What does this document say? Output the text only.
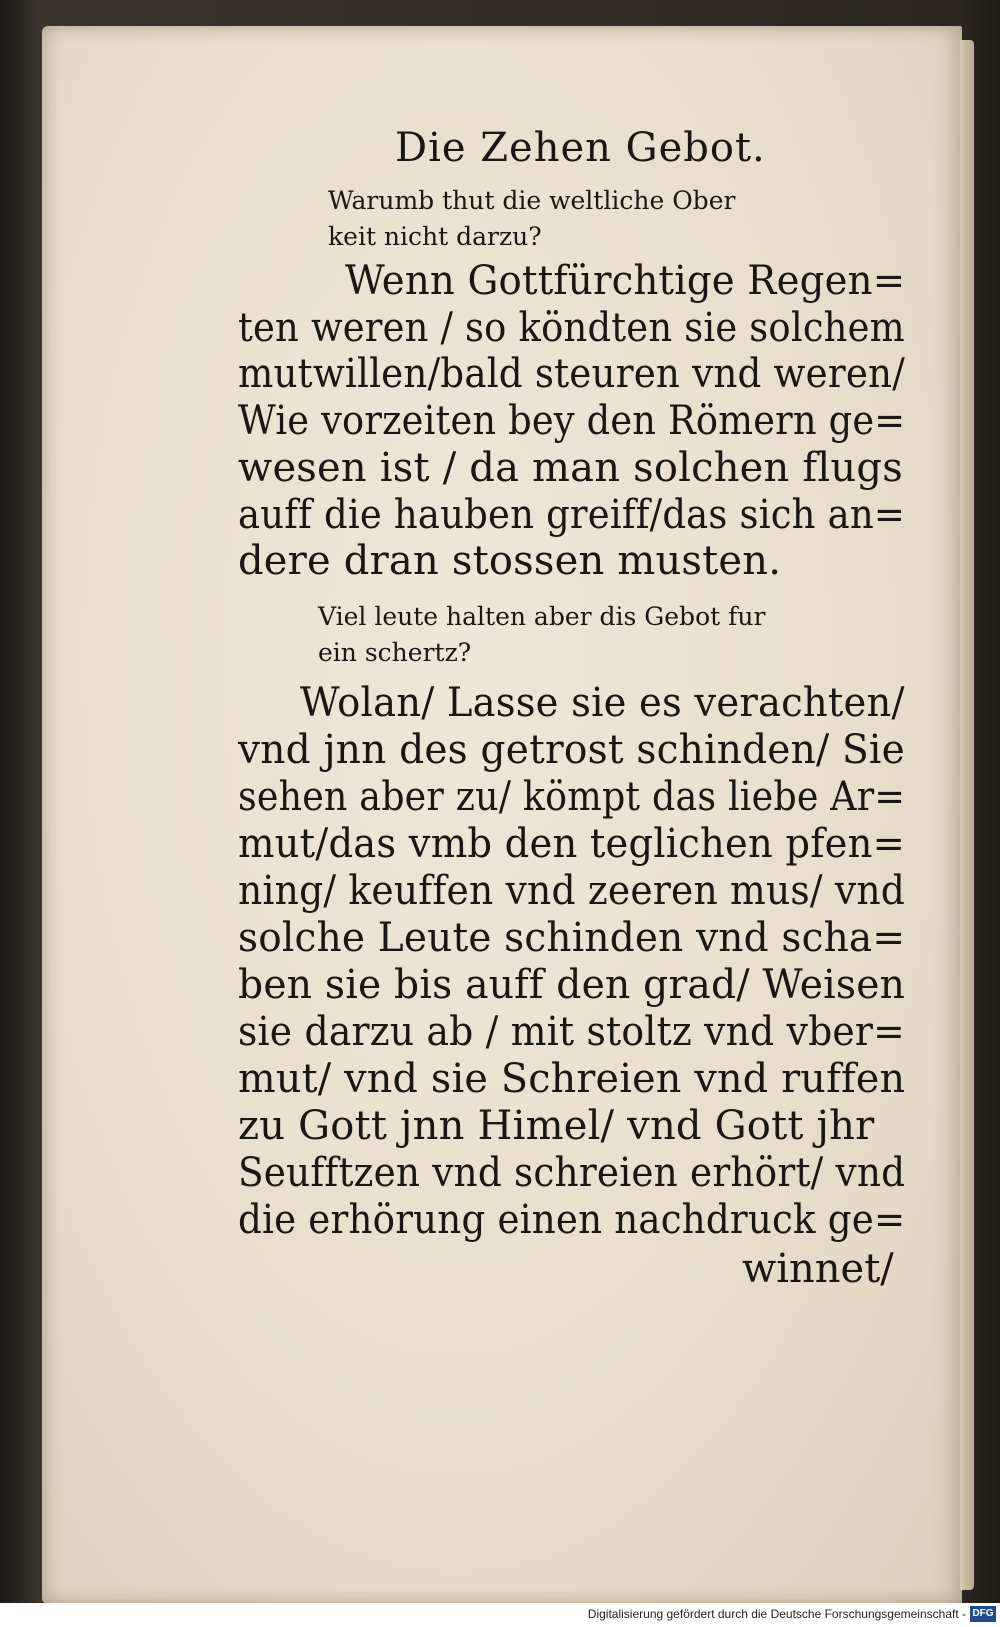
Die Zehen Gebot.
Warumb thut die weltliche Ober
keit nicht darzu?
Wenn Gottfürchtige Regen=
ten weren / so köndten sie solchem
mutwillen/bald steuren vnd weren/
Wie vorzeiten bey den Römern ge=
wesen ist / da man solchen flugs
auff die hauben greiff/das sich an=
dere dran stossen musten.
Viel leute halten aber dis Gebot fur
ein schertz?
Wolan/ Lasse sie es verachten/
vnd jnn des getrost schinden/ Sie
sehen aber zu/ kömpt das liebe Ar=
mut/das vmb den teglichen pfen=
ning/ keuffen vnd zeeren mus/ vnd
solche Leute schinden vnd scha=
ben sie bis auff den grad/ Weisen
sie darzu ab / mit stoltz vnd vber=
mut/ vnd sie Schreien vnd ruffen
zu Gott jnn Himel/ vnd Gott jhr
Seufftzen vnd schreien erhört/ vnd
die erhörung einen nachdruck ge=
winnet/
Digitalisierung gefördert durch die Deutsche Forschungsgemeinschaft - DFG
